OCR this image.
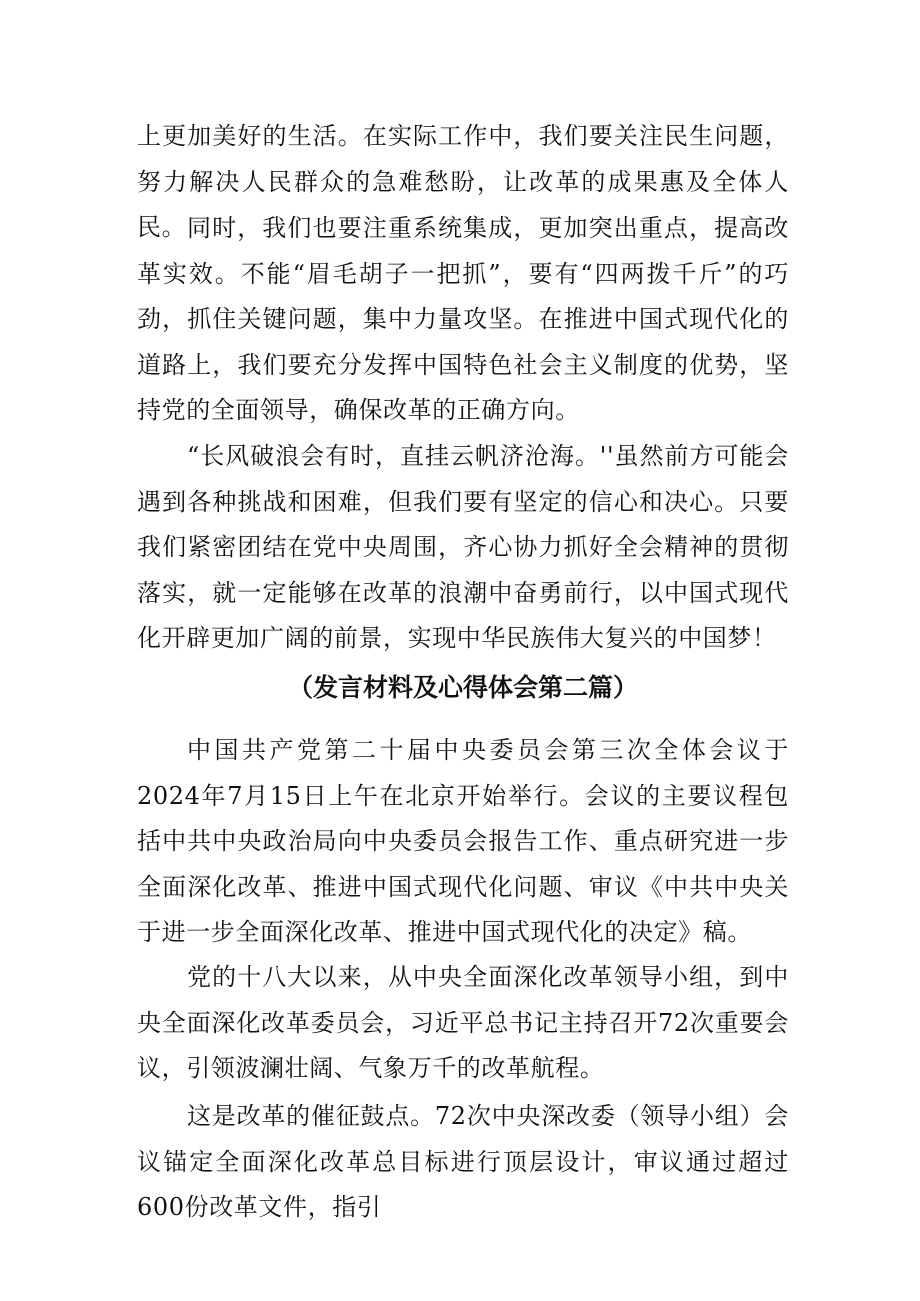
上更加美好的生活。在实际工作中，我们要关注民生问题，努力解决人民群众的急难愁盼，让改革的成果惠及全体人民。 同时，我们也要注重系统集成，更加突出重点，提高改革实效。不能“眉毛胡子一把抓”，要有“四两拨千斤”的巧劲，抓住关键问题，集中力量攻坚。在推进中国式现代化的道路上，我们要充分发挥中国特色社会主义制度的优势，坚持党的全面领导，确保改革的正确方向。

“长风破浪会有时，直挂云帆济沧海。''虽然前方可能会遇到各种挑战和困难，但我们要有坚定的信心和决心。只要我们紧密团结在党中央周围，齐心协力抓好全会精神的贯彻落实，就一定能够在改革的浪潮中奋勇前行，以中国式现代化开辟更加广阔的前景，实现中华民族伟大复兴的中国梦！

（发言材料及心得体会第二篇）

中国共产党第二十届中央委员会第三次全体会议于2024年7月15日上午在北京开始举行。会议的主要议程包括中共中央政治局向中央委员会报告工作、重点研究进一步全面深化改革、推进中国式现代化问题、审议《中共中央关于进一步全面深化改革、推进中国式现代化的决定》稿。

党的十八大以来，从中央全面深化改革领导小组，到中央全面深化改革委员会，习近平总书记主持召开72次重要会议，引领波澜壮阔、气象万千的改革航程。

这是改革的催征鼓点。72次中央深改委（领导小组）会议锚定全面深化改革总目标进行顶层设计，审议通过超过600份改革文件，指引
